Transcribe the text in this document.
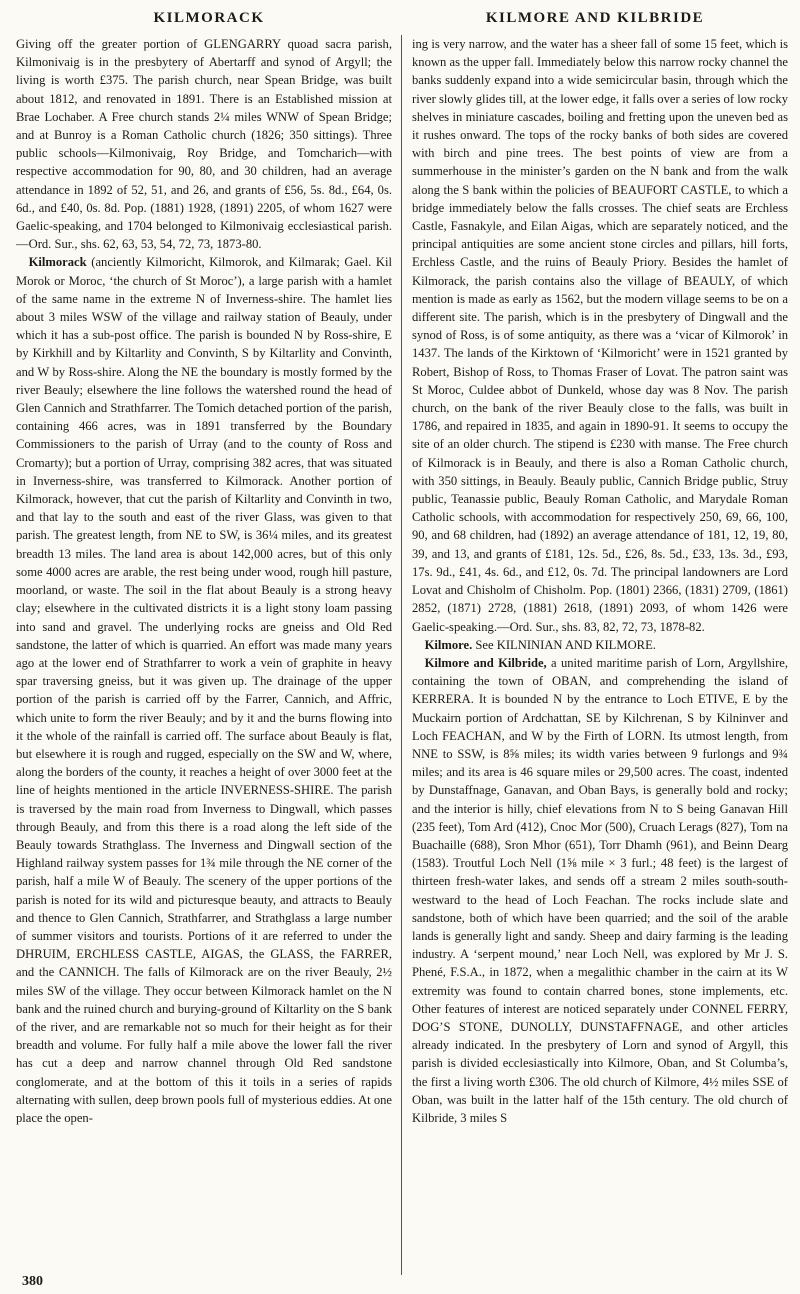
KILMORACK	KILMORE AND KILBRIDE

Giving off the greater portion of GLENGARRY quoad sacra parish, Kilmonivaig is in the presbytery of Abertarff and synod of Argyll; the living is worth £375. The parish church, near Spean Bridge, was built about 1812, and renovated in 1891. There is an Established mission at Brae Lochaber. A Free church stands 2¼ miles WNW of Spean Bridge; and at Bunroy is a Roman Catholic church (1826; 350 sittings). Three public schools—Kilmonivaig, Roy Bridge, and Tomcharich—with respective accommodation for 90, 80, and 30 children, had an average attendance in 1892 of 52, 51, and 26, and grants of £56, 5s. 8d., £64, 0s. 6d., and £40, 0s. 8d. Pop. (1881) 1928, (1891) 2205, of whom 1627 were Gaelic-speaking, and 1704 belonged to Kilmonivaig ecclesiastical parish.—Ord. Sur., shs. 62, 63, 53, 54, 72, 73, 1873-80.

Kilmorack (anciently Kilmoricht, Kilmorok, and Kilmarak; Gael. Kil Morok or Moroc, ‘the church of St Moroc’), a large parish with a hamlet of the same name in the extreme N of Inverness-shire. The hamlet lies about 3 miles WSW of the village and railway station of Beauly, under which it has a sub-post office. The parish is bounded N by Ross-shire, E by Kirkhill and by Kiltarlity and Convinth, S by Kiltarlity and Convinth, and W by Ross-shire. Along the NE the boundary is mostly formed by the river Beauly; elsewhere the line follows the watershed round the head of Glen Cannich and Strathfarrer. The Tomich detached portion of the parish, containing 466 acres, was in 1891 transferred by the Boundary Commissioners to the parish of Urray (and to the county of Ross and Cromarty); but a portion of Urray, comprising 382 acres, that was situated in Inverness-shire, was transferred to Kilmorack. Another portion of Kilmorack, however, that cut the parish of Kiltarlity and Convinth in two, and that lay to the south and east of the river Glass, was given to that parish. The greatest length, from NE to SW, is 36¼ miles, and its greatest breadth 13 miles. The land area is about 142,000 acres, but of this only some 4000 acres are arable, the rest being under wood, rough hill pasture, moorland, or waste. The soil in the flat about Beauly is a strong heavy clay; elsewhere in the cultivated districts it is a light stony loam passing into sand and gravel. The underlying rocks are gneiss and Old Red sandstone, the latter of which is quarried. An effort was made many years ago at the lower end of Strathfarrer to work a vein of graphite in heavy spar traversing gneiss, but it was given up. The drainage of the upper portion of the parish is carried off by the Farrer, Cannich, and Affric, which unite to form the river Beauly; and by it and the burns flowing into it the whole of the rainfall is carried off. The surface about Beauly is flat, but elsewhere it is rough and rugged, especially on the SW and W, where, along the borders of the county, it reaches a height of over 3000 feet at the line of heights mentioned in the article INVERNESS-SHIRE. The parish is traversed by the main road from Inverness to Dingwall, which passes through Beauly, and from this there is a road along the left side of the Beauly towards Strathglass. The Inverness and Dingwall section of the Highland railway system passes for 1¾ mile through the NE corner of the parish, half a mile W of Beauly. The scenery of the upper portions of the parish is noted for its wild and picturesque beauty, and attracts to Beauly and thence to Glen Cannich, Strathfarrer, and Strathglass a large number of summer visitors and tourists. Portions of it are referred to under the DHRUIM, ERCHLESS CASTLE, AIGAS, the GLASS, the FARRER, and the CANNICH. The falls of Kilmorack are on the river Beauly, 2½ miles SW of the village. They occur between Kilmorack hamlet on the N bank and the ruined church and burying-ground of Kiltarlity on the S bank of the river, and are remarkable not so much for their height as for their breadth and volume. For fully half a mile above the lower fall the river has cut a deep and narrow channel through Old Red sandstone conglomerate, and at the bottom of this it toils in a series of rapids alternating with sullen, deep brown pools full of mysterious eddies. At one place the open-

ing is very narrow, and the water has a sheer fall of some 15 feet, which is known as the upper fall. Immediately below this narrow rocky channel the banks suddenly expand into a wide semicircular basin, through which the river slowly glides till, at the lower edge, it falls over a series of low rocky shelves in miniature cascades, boiling and fretting upon the uneven bed as it rushes onward. The tops of the rocky banks of both sides are covered with birch and pine trees. The best points of view are from a summerhouse in the minister’s garden on the N bank and from the walk along the S bank within the policies of BEAUFORT CASTLE, to which a bridge immediately below the falls crosses. The chief seats are Erchless Castle, Fasnakyle, and Eilan Aigas, which are separately noticed, and the principal antiquities are some ancient stone circles and pillars, hill forts, Erchless Castle, and the ruins of Beauly Priory. Besides the hamlet of Kilmorack, the parish contains also the village of BEAULY, of which mention is made as early as 1562, but the modern village seems to be on a different site. The parish, which is in the presbytery of Dingwall and the synod of Ross, is of some antiquity, as there was a ‘vicar of Kilmorok’ in 1437. The lands of the Kirktown of ‘Kilmoricht’ were in 1521 granted by Robert, Bishop of Ross, to Thomas Fraser of Lovat. The patron saint was St Moroc, Culdee abbot of Dunkeld, whose day was 8 Nov. The parish church, on the bank of the river Beauly close to the falls, was built in 1786, and repaired in 1835, and again in 1890-91. It seems to occupy the site of an older church. The stipend is £230 with manse. The Free church of Kilmorack is in Beauly, and there is also a Roman Catholic church, with 350 sittings, in Beauly. Beauly public, Cannich Bridge public, Struy public, Teanassie public, Beauly Roman Catholic, and Marydale Roman Catholic schools, with accommodation for respectively 250, 69, 66, 100, 90, and 68 children, had (1892) an average attendance of 181, 12, 19, 80, 39, and 13, and grants of £181, 12s. 5d., £26, 8s. 5d., £33, 13s. 3d., £93, 17s. 9d., £41, 4s. 6d., and £12, 0s. 7d. The principal landowners are Lord Lovat and Chisholm of Chisholm. Pop. (1801) 2366, (1831) 2709, (1861) 2852, (1871) 2728, (1881) 2618, (1891) 2093, of whom 1426 were Gaelic-speaking.—Ord. Sur., shs. 83, 82, 72, 73, 1878-82.

Kilmore. See KILNINIAN AND KILMORE.

Kilmore and Kilbride, a united maritime parish of Lorn, Argyllshire, containing the town of OBAN, and comprehending the island of KERRERA. It is bounded N by the entrance to Loch ETIVE, E by the Muckairn portion of Ardchattan, SE by Kilchrenan, S by Kilninver and Loch FEACHAN, and W by the Firth of LORN. Its utmost length, from NNE to SSW, is 8⅝ miles; its width varies between 9 furlongs and 9¾ miles; and its area is 46 square miles or 29,500 acres. The coast, indented by Dunstaffnage, Ganavan, and Oban Bays, is generally bold and rocky; and the interior is hilly, chief elevations from N to S being Ganavan Hill (235 feet), Tom Ard (412), Cnoc Mor (500), Cruach Lerags (827), Tom na Buachaille (688), Sron Mhor (651), Torr Dhamh (961), and Beinn Dearg (1583). Troutful Loch Nell (1⅝ mile × 3 furl.; 48 feet) is the largest of thirteen fresh-water lakes, and sends off a stream 2 miles south-south-westward to the head of Loch Feachan. The rocks include slate and sandstone, both of which have been quarried; and the soil of the arable lands is generally light and sandy. Sheep and dairy farming is the leading industry. A ‘serpent mound,’ near Loch Nell, was explored by Mr J. S. Phené, F.S.A., in 1872, when a megalithic chamber in the cairn at its W extremity was found to contain charred bones, stone implements, etc. Other features of interest are noticed separately under CONNEL FERRY, DOG’S STONE, DUNOLLY, DUNSTAFFNAGE, and other articles already indicated. In the presbytery of Lorn and synod of Argyll, this parish is divided ecclesiastically into Kilmore, Oban, and St Columba’s, the first a living worth £306. The old church of Kilmore, 4½ miles SSE of Oban, was built in the latter half of the 15th century. The old church of Kilbride, 3 miles S

380
